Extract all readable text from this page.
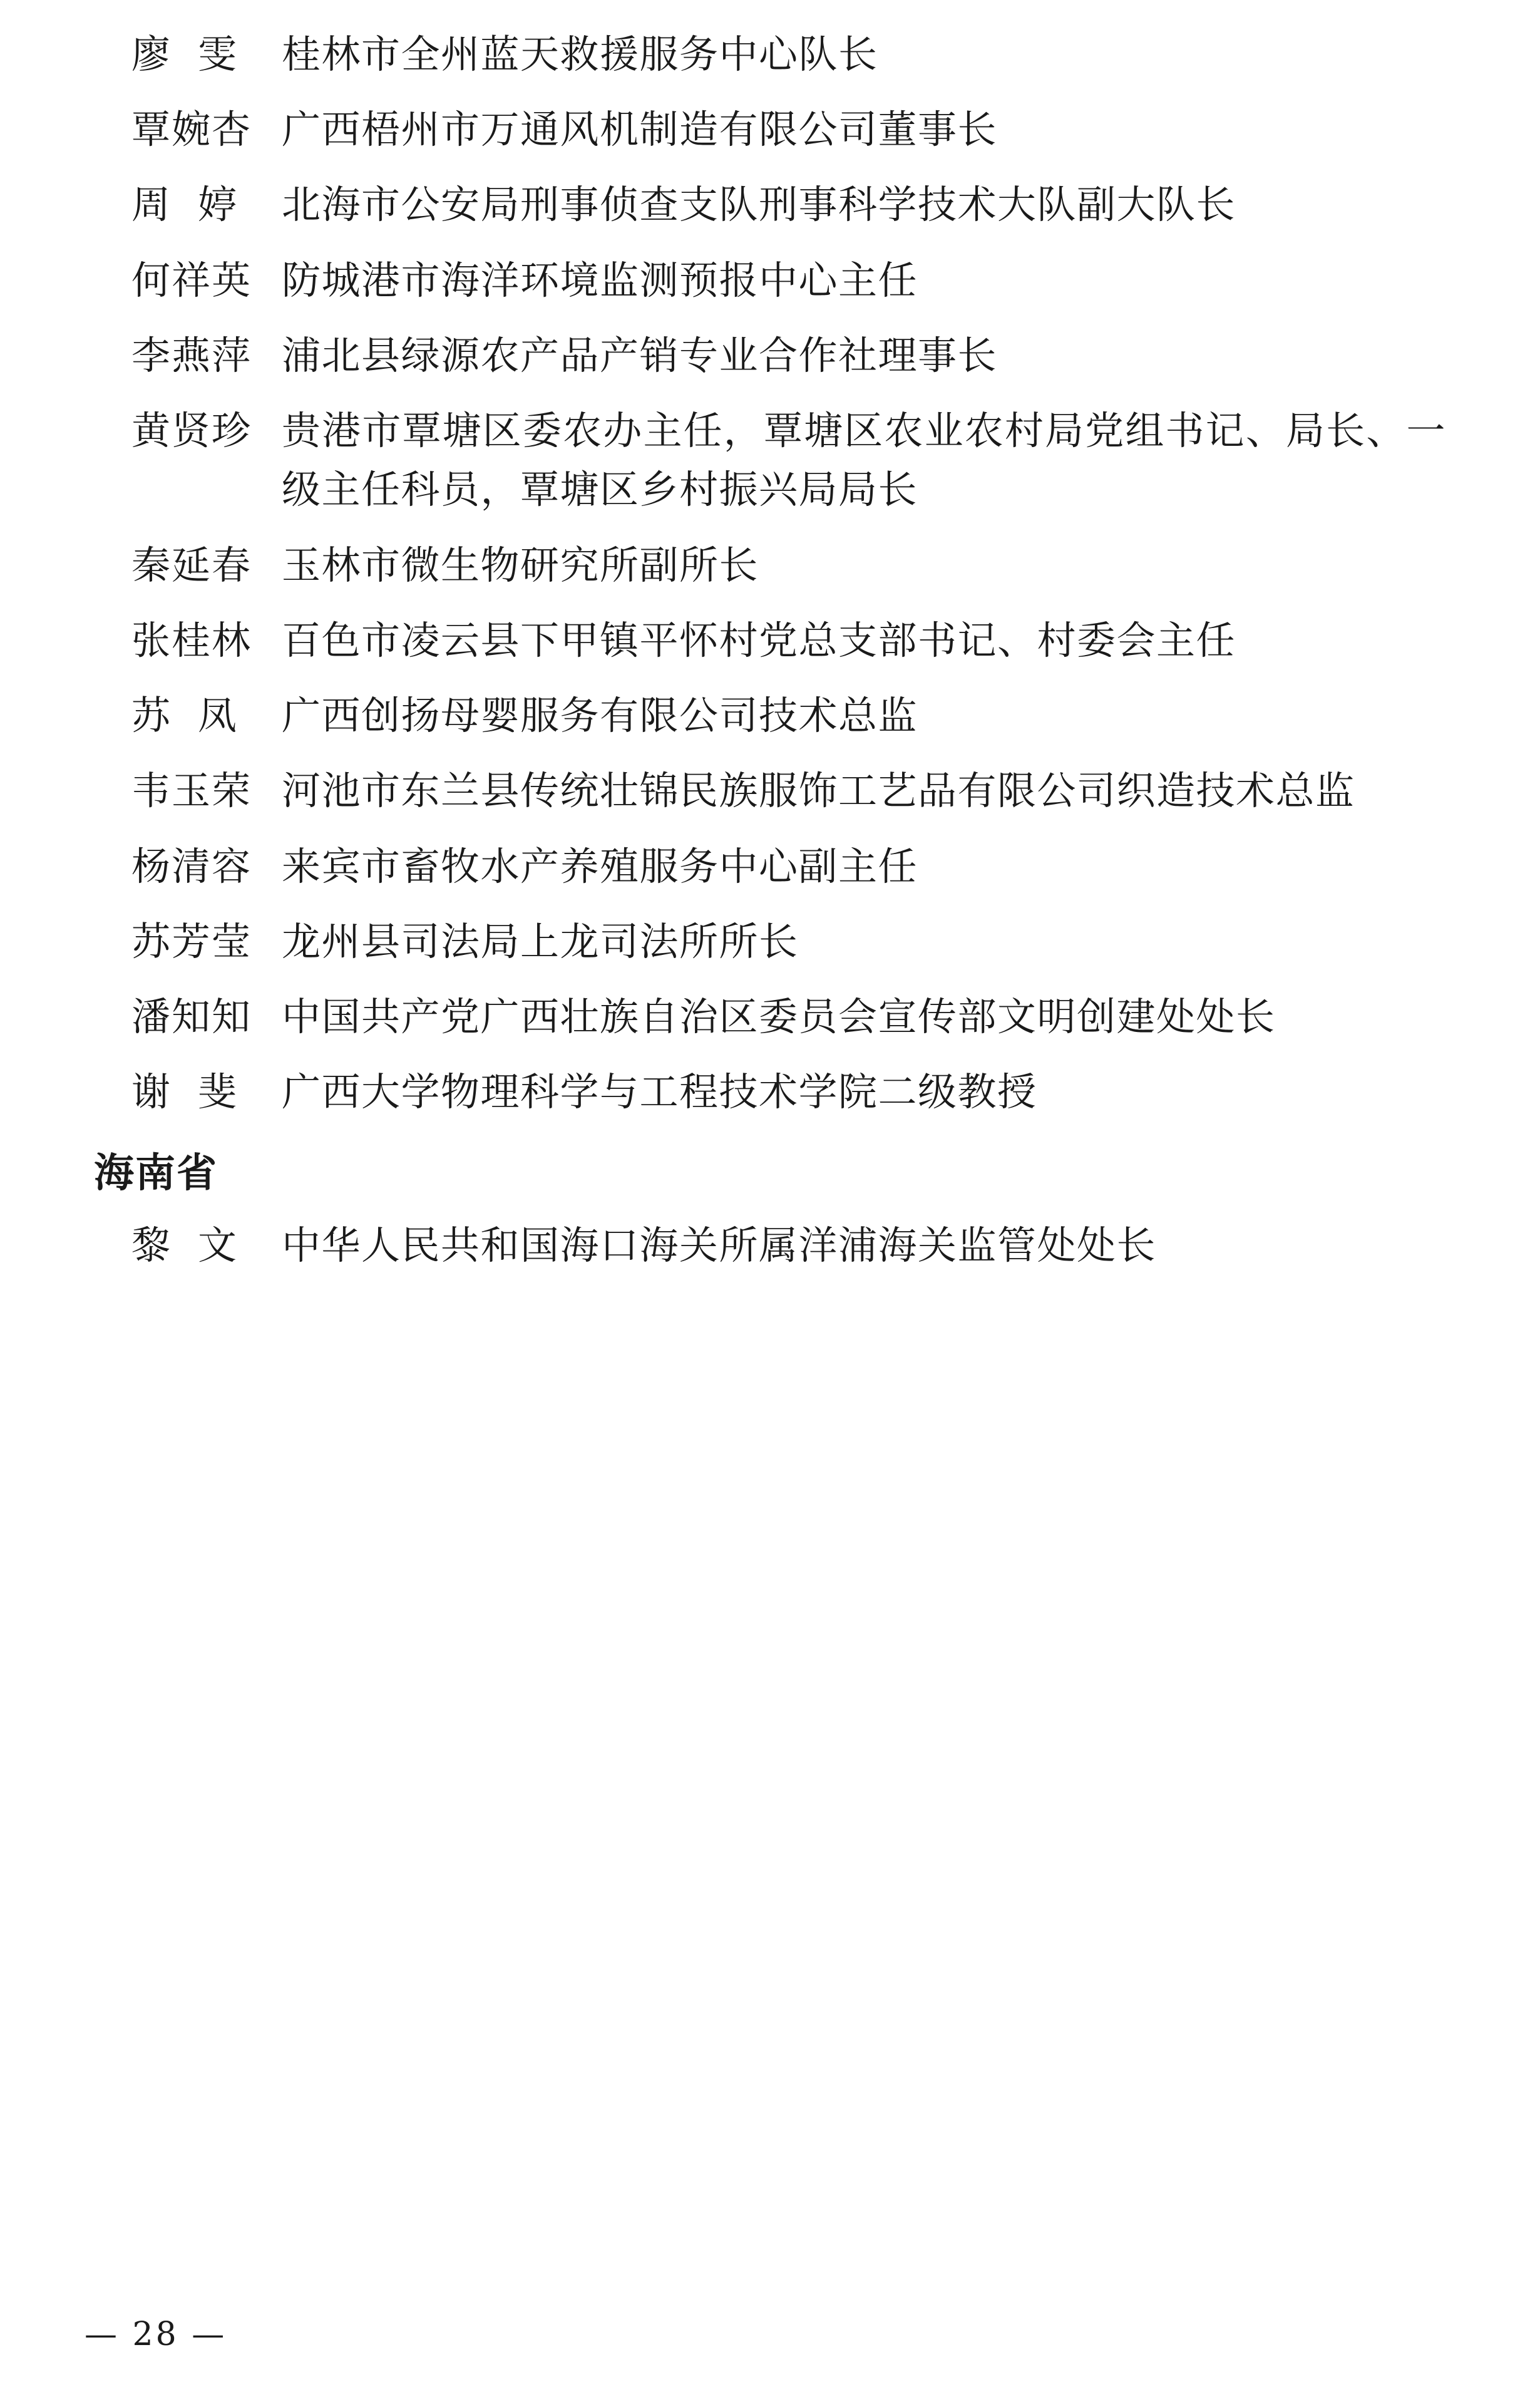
廖 雯 桂林市全州蓝天救援服务中心队长
覃婉杏 广西梧州市万通风机制造有限公司董事长
周 婷 北海市公安局刑事侦查支队刑事科学技术大队副大队长
何祥英 防城港市海洋环境监测预报中心主任
李燕萍 浦北县绿源农产品产销专业合作社理事长
黄贤珍 贵港市覃塘区委农办主任，覃塘区农业农村局党组书记、局长、一级主任科员，覃塘区乡村振兴局局长
秦延春 玉林市微生物研究所副所长
张桂林 百色市凌云县下甲镇平怀村党总支部书记、村委会主任
苏 凤 广西创扬母婴服务有限公司技术总监
韦玉荣 河池市东兰县传统壮锦民族服饰工艺品有限公司织造技术总监
杨清容 来宾市畜牧水产养殖服务中心副主任
苏芳莹 龙州县司法局上龙司法所所长
潘知知 中国共产党广西壮族自治区委员会宣传部文明创建处处长
谢 斐 广西大学物理科学与工程技术学院二级教授
海南省
黎 文 中华人民共和国海口海关所属洋浦海关监管处处长
— 28 —
